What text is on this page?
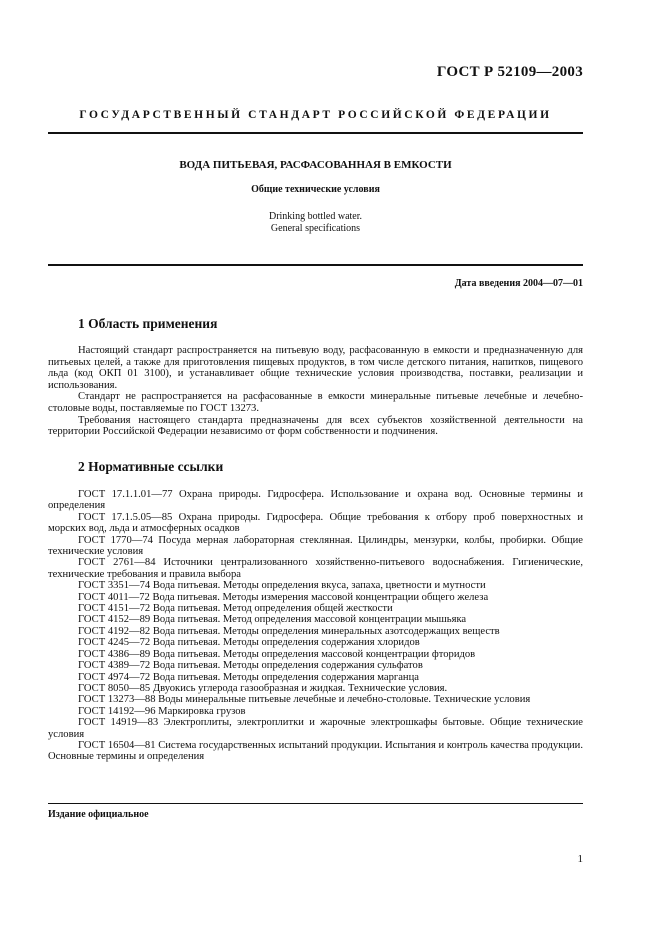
ГОСТ Р 52109—2003
ГОСУДАРСТВЕННЫЙ СТАНДАРТ РОССИЙСКОЙ ФЕДЕРАЦИИ
ВОДА ПИТЬЕВАЯ, РАСФАСОВАННАЯ В ЕМКОСТИ
Общие технические условия
Drinking bottled water.
General specifications
Дата введения 2004—07—01
1 Область применения

Настоящий стандарт распространяется на питьевую воду, расфасованную в емкости и предназначенную для питьевых целей, а также для приготовления пищевых продуктов, в том числе детского питания, напитков, пищевого льда (код ОКП 01 3100), и устанавливает общие технические условия производства, поставки, реализации и использования.

Стандарт не распространяется на расфасованные в емкости минеральные питьевые лечебные и лечебно-столовые воды, поставляемые по ГОСТ 13273.

Требования настоящего стандарта предназначены для всех субъектов хозяйственной деятельности на территории Российской Федерации независимо от форм собственности и подчинения.

2 Нормативные ссылки

ГОСТ 17.1.1.01—77 Охрана природы. Гидросфера. Использование и охрана вод. Основные термины и определения

ГОСТ 17.1.5.05—85 Охрана природы. Гидросфера. Общие требования к отбору проб поверхностных и морских вод, льда и атмосферных осадков

ГОСТ 1770—74 Посуда мерная лабораторная стеклянная. Цилиндры, мензурки, колбы, пробирки. Общие технические условия

ГОСТ 2761—84 Источники централизованного хозяйственно-питьевого водоснабжения. Гигиенические, технические требования и правила выбора

ГОСТ 3351—74 Вода питьевая. Методы определения вкуса, запаха, цветности и мутности

ГОСТ 4011—72 Вода питьевая. Методы измерения массовой концентрации общего железа

ГОСТ 4151—72 Вода питьевая. Метод определения общей жесткости

ГОСТ 4152—89 Вода питьевая. Метод определения массовой концентрации мышьяка

ГОСТ 4192—82 Вода питьевая. Методы определения минеральных азотсодержащих веществ

ГОСТ 4245—72 Вода питьевая. Методы определения содержания хлоридов

ГОСТ 4386—89 Вода питьевая. Методы определения массовой концентрации фторидов

ГОСТ 4389—72 Вода питьевая. Методы определения содержания сульфатов

ГОСТ 4974—72 Вода питьевая. Методы определения содержания марганца

ГОСТ 8050—85 Двуокись углерода газообразная и жидкая. Технические условия.

ГОСТ 13273—88 Воды минеральные питьевые лечебные и лечебно-столовые. Технические условия

ГОСТ 14192—96 Маркировка грузов

ГОСТ 14919—83 Электроплиты, электроплитки и жарочные электрошкафы бытовые. Общие технические условия

ГОСТ 16504—81 Система государственных испытаний продукции. Испытания и контроль качества продукции. Основные термины и определения

Издание официальное
1
